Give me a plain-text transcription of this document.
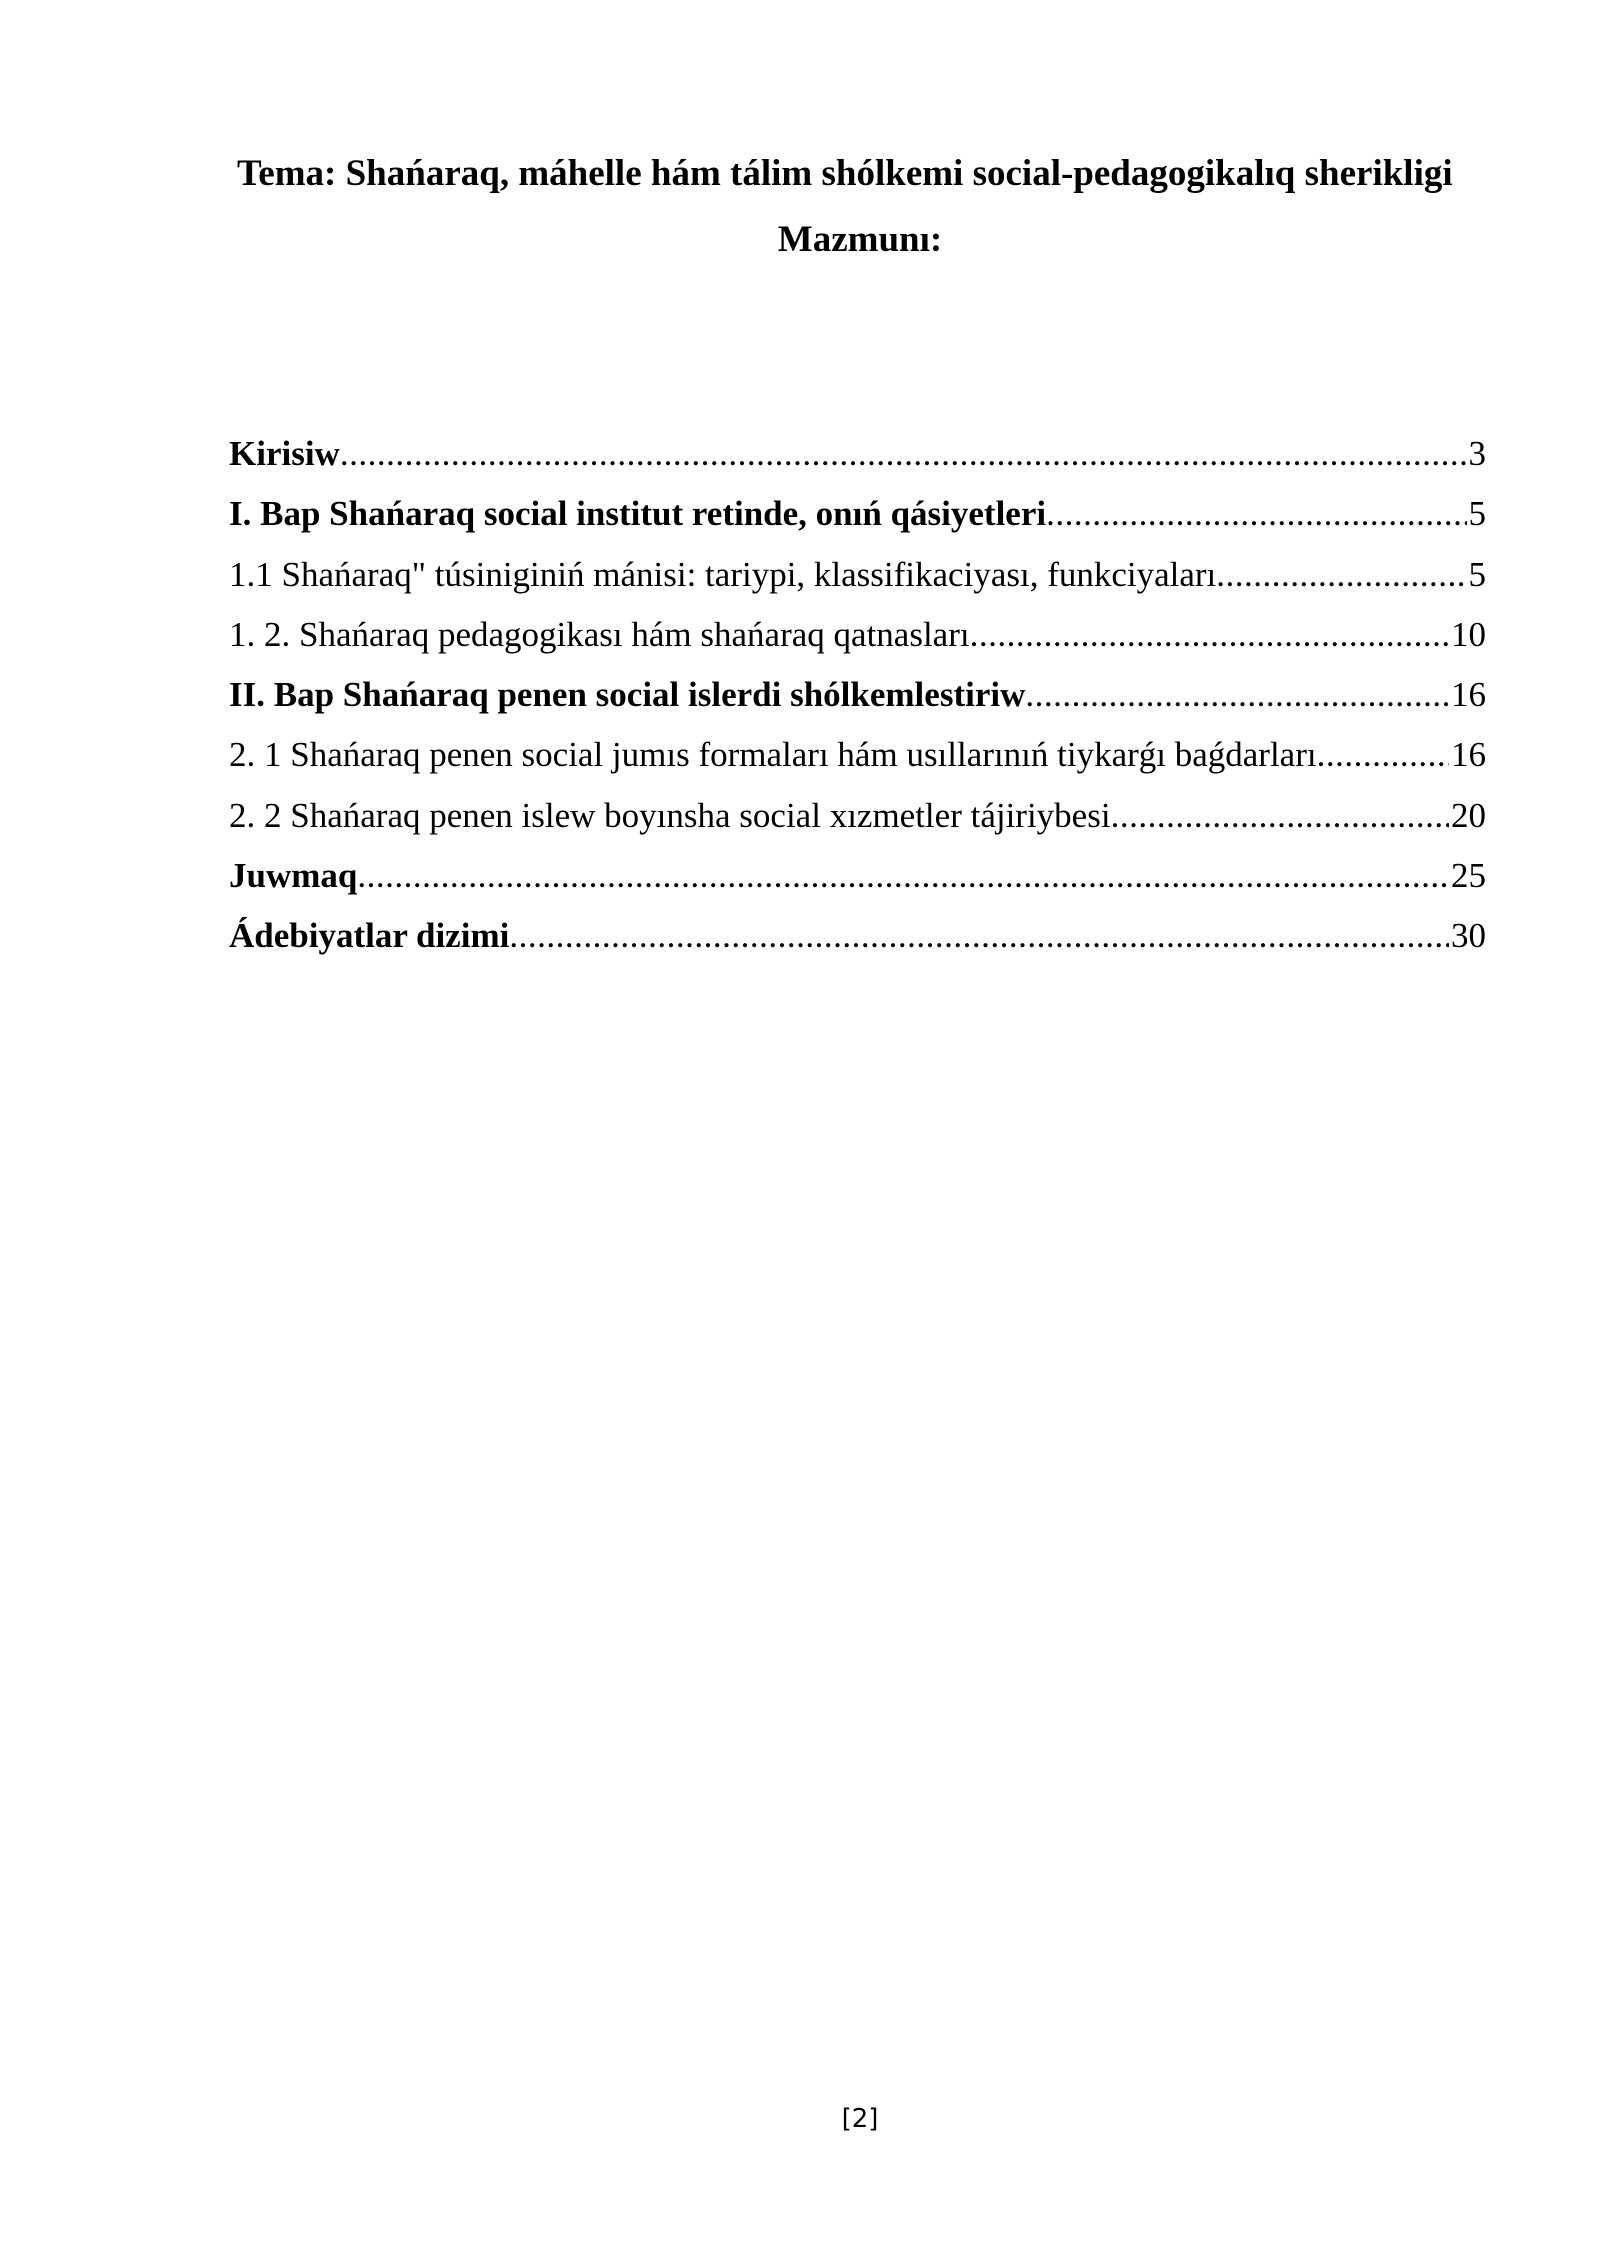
Tema: Shańaraq, máhelle hám tálim shólkemi social-pedagogikalıq sherikligi
Mazmunı:
Kirisiw .....	3
I. Bap Shańaraq social institut retinde, onıń qásiyetleri .....	5
1.1 Shańaraq" túsiniginiń mánisi: tariypi, klassifikaciyası, funkciyaları .....	5
1. 2. Shańaraq pedagogikası hám shańaraq qatnasları .....	10
II. Bap Shańaraq penen social islerdi shólkemlestiriw .....	16
2. 1 Shańaraq penen social jumıs formaları hám usıllarınıń tiykarǵı baǵdarları .....	16
2. 2 Shańaraq penen islew boyınsha social xızmetler tájiriybesi .....	20
Juwmaq .....	25
Ádebiyatlar dizimi .....	30
[2]
